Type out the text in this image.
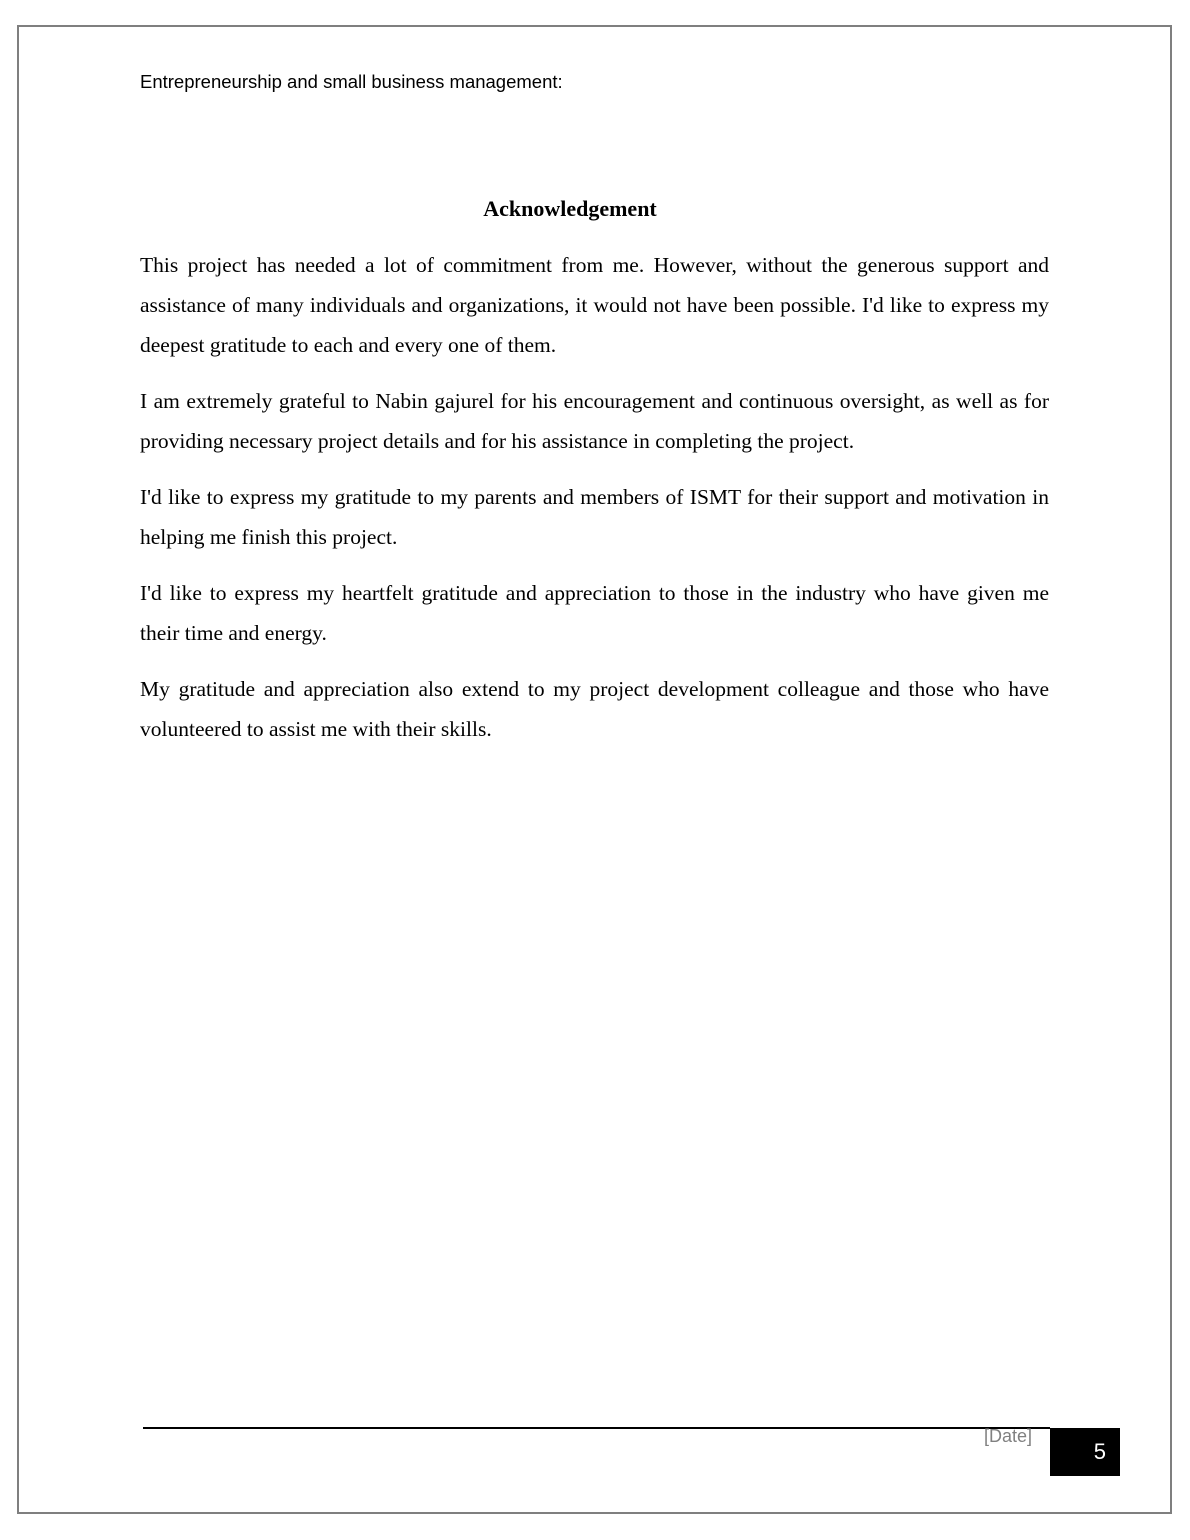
Entrepreneurship and small business management:
Acknowledgement

This project has needed a lot of commitment from me. However, without the generous support and assistance of many individuals and organizations, it would not have been possible. I'd like to express my deepest gratitude to each and every one of them.

I am extremely grateful to Nabin gajurel for his encouragement and continuous oversight, as well as for providing necessary project details and for his assistance in completing the project.

I'd like to express my gratitude to my parents and members of ISMT for their support and motivation in helping me finish this project.

I'd like to express my heartfelt gratitude and appreciation to those in the industry who have given me their time and energy.

My gratitude and appreciation also extend to my project development colleague and those who have volunteered to assist me with their skills.

[Date]
5
